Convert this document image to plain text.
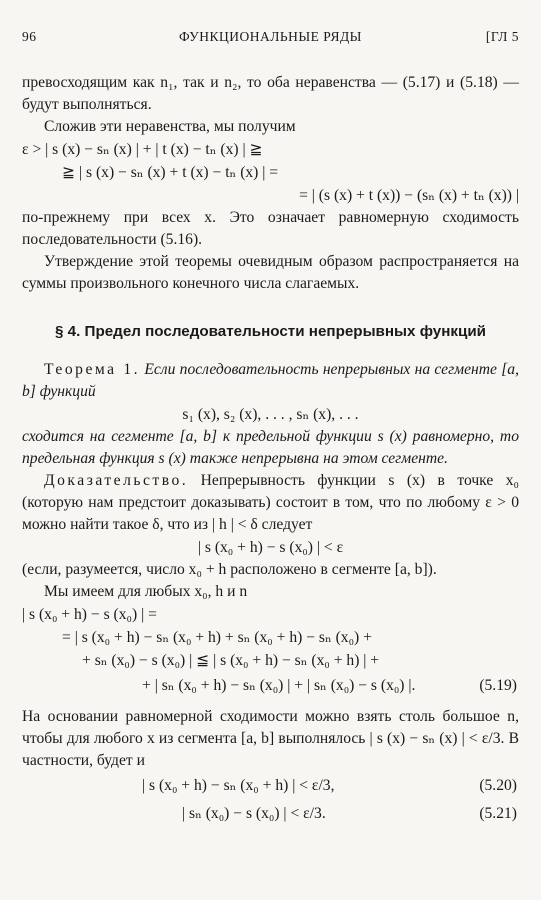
96	ФУНКЦИОНАЛЬНЫЕ РЯДЫ	[ГЛ 5

превосходящим как n₁, так и n₂, то оба неравенства — (5.17) и (5.18) — будут выполняться.

Сложив эти неравенства, мы получим

ε > | s (x) − sₙ (x) | + | t (x) − tₙ (x) | ≧
≧ | s (x) − sₙ (x) + t (x) − tₙ (x) | =
= | (s (x) + t (x)) − (sₙ (x) + tₙ (x)) |

по-прежнему при всех x. Это означает равномерную сходимость последовательности (5.16).

Утверждение этой теоремы очевидным образом распространяется на суммы произвольного конечного числа слагаемых.

§ 4. Предел последовательности непрерывных функций

Теорема 1. Если последовательность непрерывных на сегменте [a, b] функций

s₁ (x), s₂ (x), . . . , sₙ (x), . . .

сходится на сегменте [a, b] к предельной функции s (x) равномерно, то предельная функция s (x) также непрерывна на этом сегменте.

Доказательство. Непрерывность функции s (x) в точке x₀ (которую нам предстоит доказывать) состоит в том, что по любому ε > 0 можно найти такое δ, что из | h | < δ следует

| s (x₀ + h) − s (x₀) | < ε

(если, разумеется, число x₀ + h расположено в сегменте [a, b]).

Мы имеем для любых x₀, h и n

| s (x₀ + h) − s (x₀) | =
= | s (x₀ + h) − sₙ (x₀ + h) + sₙ (x₀ + h) − sₙ (x₀) +
+ sₙ (x₀) − s (x₀) | ≦ | s (x₀ + h) − sₙ (x₀ + h) | +
+ | sₙ (x₀ + h) − sₙ (x₀) | + | sₙ (x₀) − s (x₀) |.	(5.19)

На основании равномерной сходимости можно взять столь большое n, чтобы для любого x из сегмента [a, b] выполнялось | s (x) − sₙ (x) | < ε/3. В частности, будет и

| s (x₀ + h) − sₙ (x₀ + h) | < ε/3,	(5.20)
| sₙ (x₀) − s (x₀) | < ε/3.	(5.21)
